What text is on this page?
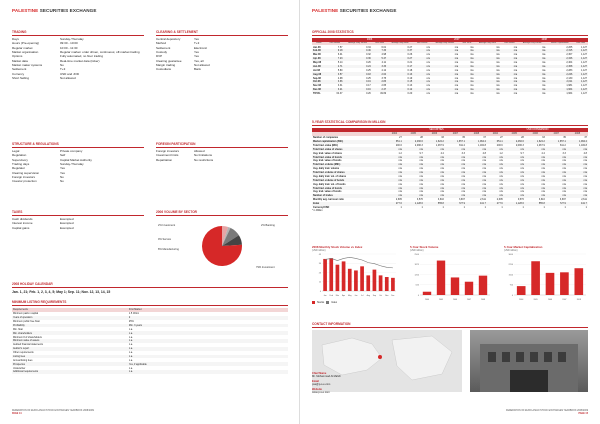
PALESTINE SECURITIES EXCHANGE
TRADING
Days	Sunday-Thursday
Hours (Pre-opening)	09:30 - 10:00
Regular market	10:00 - 11:30
Market organisation	Regular market: order driven, continuous; off-market trading
Options	Fully automated, no floor trading
Market data	Real-time market data (ticker)
Market maker systems	No
Settlement	T+3
Currency	USD and JOD
Short Selling	Not allowed
CLEARING & SETTLEMENT
Central depository	Yes
Method	T+3
Settlement	Electronic
Custody	Yes
DVP	Yes
Clearing guarantee	Yes, all
Margin trading	Not allowed
Custodians	Bank
STRUCTURE & REGULATIONS
Legal	Private company
Regulation	Self
Supervisory	Capital Market Authority
Trading days	Sunday-Thursday
Regulator	Yes
Clearing supervision	Yes
Foreign investors	No
Investor protection	No
FOREIGN PARTICIPATION
Foreign investors	Allowed
Investment limits	No limitations
Repatriation	No restrictions
TAXES
Cash dividends	Exempted
Interest income	Exempted
Capital gains	Exempted
2006 VOLUME BY SECTOR
2% Investment	2% Banking
9% Service
8% Manufacturing
79% Investment
2008 HOLIDAY CALENDAR
Jan. 1, 21; Feb. 1, 2, 3, 4, 5; May 1; Sep. 11; Nov. 12, 13, 14, 15
MINIMUM LISTING REQUIREMENTS
Requirements	First Market
Minimum paid-in capital	1.5 JDmn
Years of operation	2
Minimum public free float	25%
Profitability	Min. 3 years
Min. float	n.a.
Min. shareholders	n.a.
Minimum # of shareholders	n.a.
Minimum value of assets	n.a.
Audited financial statements	n.a.
Auditor's report	n.a.
Other requirements	n.a.
Listing fees	n.a.
Annual listing fees	n.a.
Prospectus	Yes, if applicable
Underwriter	n.a.
Additional requirements	n.a.
FEDERATION OF EURO-ASIAN STOCK EXCHANGES YEARBOOK 2008/2009
PAGE 14
PALESTINE SECURITIES EXCHANGE
OFFICIAL 2008 STATISTICS
	2006				2007				2008			
Month	Total Volume	Average Daily Volume	Total Value	Average Daily Value	Total Volume	Average Daily Volume	Total Value	Average Daily Value	Total Volume	Average Daily Volume	Market Capitalization	Free Float
Jan-08	7.57	0.34	6.01	0.27	n/a	n/a	n/a	n/a	n/a	n/a	2,265	1,127
Feb-08	9.18	0.46	7.33	0.37	n/a	n/a	n/a	n/a	n/a	n/a	2,315	1,127
Mar-08	6.01	0.32	4.98	0.26	n/a	n/a	n/a	n/a	n/a	n/a	2,307	1,127
Apr-08	7.23	0.36	5.47	0.27	n/a	n/a	n/a	n/a	n/a	n/a	2,346	1,127
May-08	5.14	0.26	4.11	0.21	n/a	n/a	n/a	n/a	n/a	n/a	2,404	1,127
Jun-08	4.71	0.24	3.33	0.17	n/a	n/a	n/a	n/a	n/a	n/a	2,368	1,127
Jul-08	5.80	0.25	4.12	0.18	n/a	n/a	n/a	n/a	n/a	n/a	2,283	1,127
Aug-08	3.57	0.18	2.64	0.13	n/a	n/a	n/a	n/a	n/a	n/a	2,246	1,127
Sep-08	4.98	0.25	3.75	0.19	n/a	n/a	n/a	n/a	n/a	n/a	2,130	1,127
Oct-08	3.66	0.19	2.83	0.15	n/a	n/a	n/a	n/a	n/a	n/a	2,011	1,127
Nov-08	3.31	0.17	2.65	0.13	n/a	n/a	n/a	n/a	n/a	n/a	1,981	1,127
Dec-08	3.21	0.16	2.47	0.12	n/a	n/a	n/a	n/a	n/a	n/a	1,964	1,127
TOTAL	64.37	0.26	49.69	0.20	n/a	n/a	n/a	n/a	n/a	n/a	1,964	1,127
5-YEAR STATISTICAL COMPARISON IN MILLION
	SECURITIES					USD CONVERSION				
	2004	2005	2006	2007	2008	2004	2005	2006	2007	2008
Number of companies	27	28	33	35	37	27	28	33	35	37
Market capitalization (Bill.)	651.1	2,466.6	1,624.2	1,657.1	1,964.2	651.1	2,466.6	1,624.2	1,657.1	1,964.2
Total trad. value (Mill.)	200.6	2,096.3	1,067.9	811.2	1,182.8	200.6	2,096.3	1,067.9	811.2	1,182.8
Total trad. value of shares	n/a	n/a	n/a	n/a	n/a	n/a	n/a	n/a	n/a	n/a
Avg. trad. value of shares	1.2	9.7	4.4	3.3	4.8	1.2	9.7	4.4	3.3	4.8
Total trad. value of bonds	n/a	n/a	n/a	n/a	n/a	n/a	n/a	n/a	n/a	n/a
Avg. trad. value of bonds	n/a	n/a	n/a	n/a	n/a	n/a	n/a	n/a	n/a	n/a
Total trad. volume (Mill.)	n/a	n/a	n/a	n/a	n/a	n/a	n/a	n/a	n/a	n/a
Avg. daily trad. volume	n/a	n/a	n/a	n/a	n/a	n/a	n/a	n/a	n/a	n/a
Total trad. volume of shares	n/a	n/a	n/a	n/a	n/a	n/a	n/a	n/a	n/a	n/a
Avg. daily trad. vol. of shares	n/a	n/a	n/a	n/a	n/a	n/a	n/a	n/a	n/a	n/a
Total trad. volume of bonds	n/a	n/a	n/a	n/a	n/a	n/a	n/a	n/a	n/a	n/a
Avg. daily trad. vol. of bonds	n/a	n/a	n/a	n/a	n/a	n/a	n/a	n/a	n/a	n/a
Total trad. value of bonds	n/a	n/a	n/a	n/a	n/a	n/a	n/a	n/a	n/a	n/a
Avg. trad. value of bonds	n/a	n/a	n/a	n/a	n/a	n/a	n/a	n/a	n/a	n/a
Number of trades	n/a	n/a	n/a	n/a	n/a	n/a	n/a	n/a	n/a	n/a
Monthly avg. turnover ratio	2,605	3,576	3,616	3,697	2,611	2,605	3,576	3,616	3,697	2,611
Index	277.6	1,128.6	555.8	727.9	441.7	277.6	1,128.6	555.8	727.9	441.7
Currency/USD	1	1	1	1	1	1	1	1	1	1
* in Million
2008 Monthly Stock Volume vs Index
(USD million)
0
11
23
34
45
Jan Feb Mar Apr May Jun Jul	Aug Sep Oct Nov Dec
Stocks	Index
5-Year Stock Volume
(USD million)
0
625
1250
1875
2500
2004	2005	2006	2007	2008
5-Year Market Capitalization
(USD million)
0
750
1500
2250
3000
2004	2005	2006	2007	2008
CONTACT INFORMATION
Chief Name
Mr. Mohammad Al Mahdi
Email
pse@p-s-e.com
Website
www.p-s-e.com
FEDERATION OF EURO-ASIAN STOCK EXCHANGES YEARBOOK 2008/2009
PAGE 15
